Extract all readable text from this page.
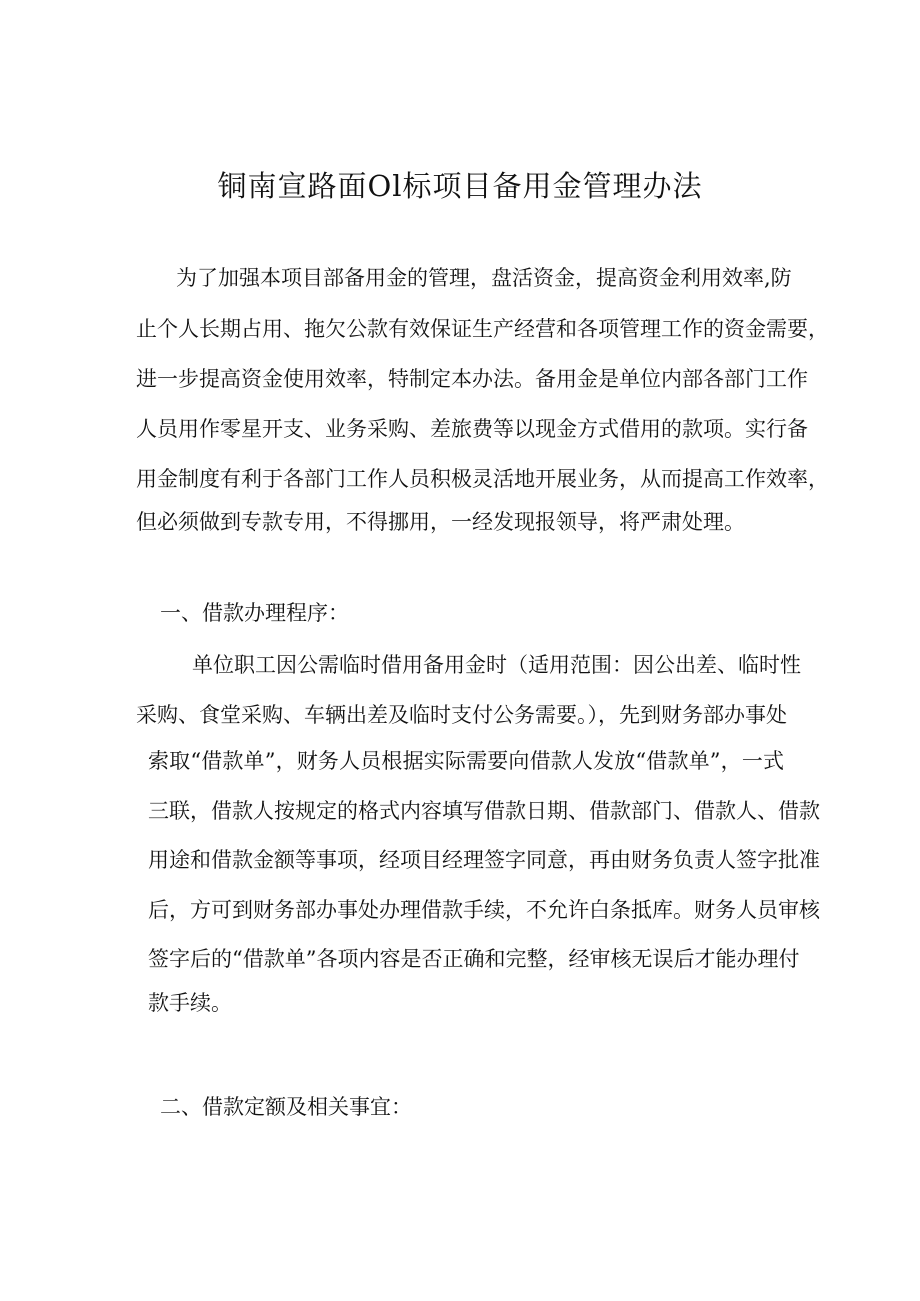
铜南宣路面Ol标项目备用金管理办法
为了加强本项目部备用金的管理，盘活资金，提高资金利用效率,防
止个人长期占用、拖欠公款有效保证生产经营和各项管理工作的资金需要，
进一步提高资金使用效率，特制定本办法。备用金是单位内部各部门工作
人员用作零星开支、业务采购、差旅费等以现金方式借用的款项。实行备
用金制度有利于各部门工作人员积极灵活地开展业务，从而提高工作效率，
但必须做到专款专用，不得挪用，一经发现报领导，将严肃处理。
一、借款办理程序：
单位职工因公需临时借用备用金时（适用范围：因公出差、临时性
采购、食堂采购、车辆出差及临时支付公务需要。），先到财务部办事处
索取“借款单”，财务人员根据实际需要向借款人发放“借款单”，一式
三联，借款人按规定的格式内容填写借款日期、借款部门、借款人、借款
用途和借款金额等事项，经项目经理签字同意，再由财务负责人签字批准
后，方可到财务部办事处办理借款手续，不允许白条抵库。财务人员审核
签字后的“借款单”各项内容是否正确和完整，经审核无误后才能办理付
款手续。
二、借款定额及相关事宜：
